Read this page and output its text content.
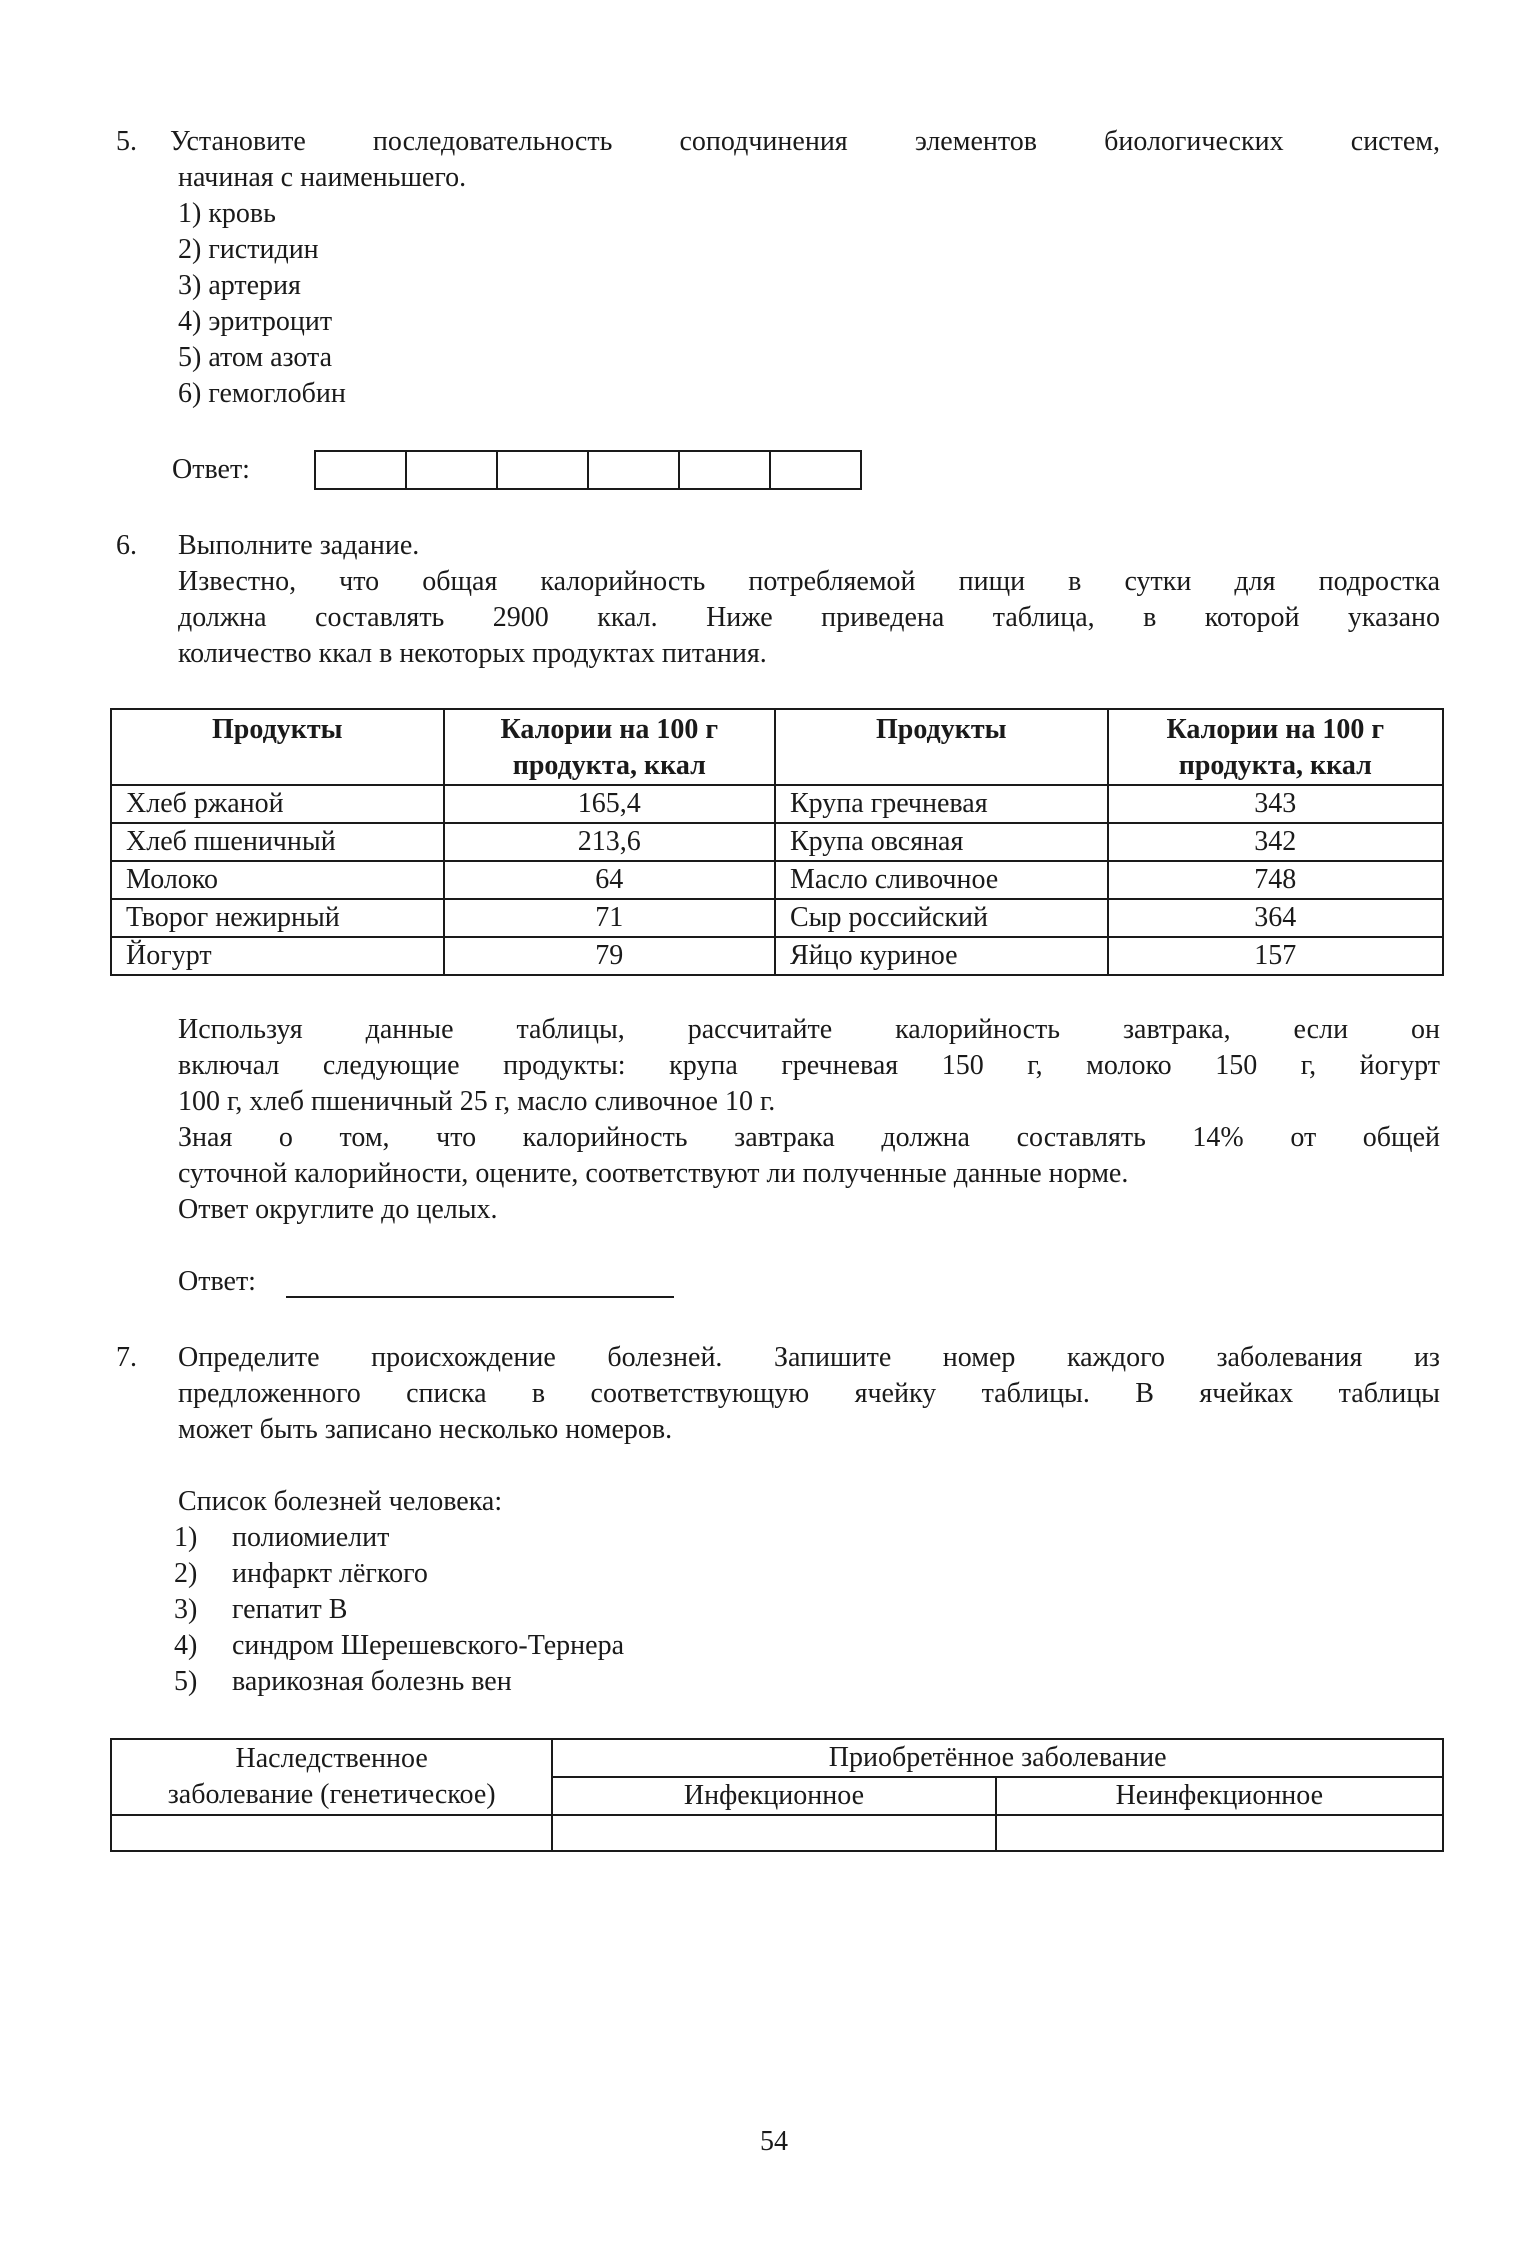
5. Установите последовательность соподчинения элементов биологических систем,
начиная с наименьшего.
1) кровь
2) гистидин
3) артерия
4) эритроцит
5) атом азота
6) гемоглобин
Ответ:
6. Выполните задание.
Известно, что общая калорийность потребляемой пищи в сутки для подростка
должна составлять 2900 ккал. Ниже приведена таблица, в которой указано
количество ккал в некоторых продуктах питания.
Продукты	Калории на 100 г продукта, ккал	Продукты	Калории на 100 г продукта, ккал
Хлеб ржаной	165,4	Крупа гречневая	343
Хлеб пшеничный	213,6	Крупа овсяная	342
Молоко	64	Масло сливочное	748
Творог нежирный	71	Сыр российский	364
Йогурт	79	Яйцо куриное	157
Используя данные таблицы, рассчитайте калорийность завтрака, если он
включал следующие продукты: крупа гречневая 150 г, молоко 150 г, йогурт
100 г, хлеб пшеничный 25 г, масло сливочное 10 г.
Зная о том, что калорийность завтрака должна составлять 14% от общей
суточной калорийности, оцените, соответствуют ли полученные данные норме.
Ответ округлите до целых.
Ответ:
7. Определите происхождение болезней. Запишите номер каждого заболевания из
предложенного списка в соответствующую ячейку таблицы. В ячейках таблицы
может быть записано несколько номеров.
Список болезней человека:
1) полиомиелит
2) инфаркт лёгкого
3) гепатит В
4) синдром Шерешевского-Тернера
5) варикозная болезнь вен
Наследственное
заболевание (генетическое)	Приобретённое заболевание	
	Инфекционное	Неинфекционное

54
